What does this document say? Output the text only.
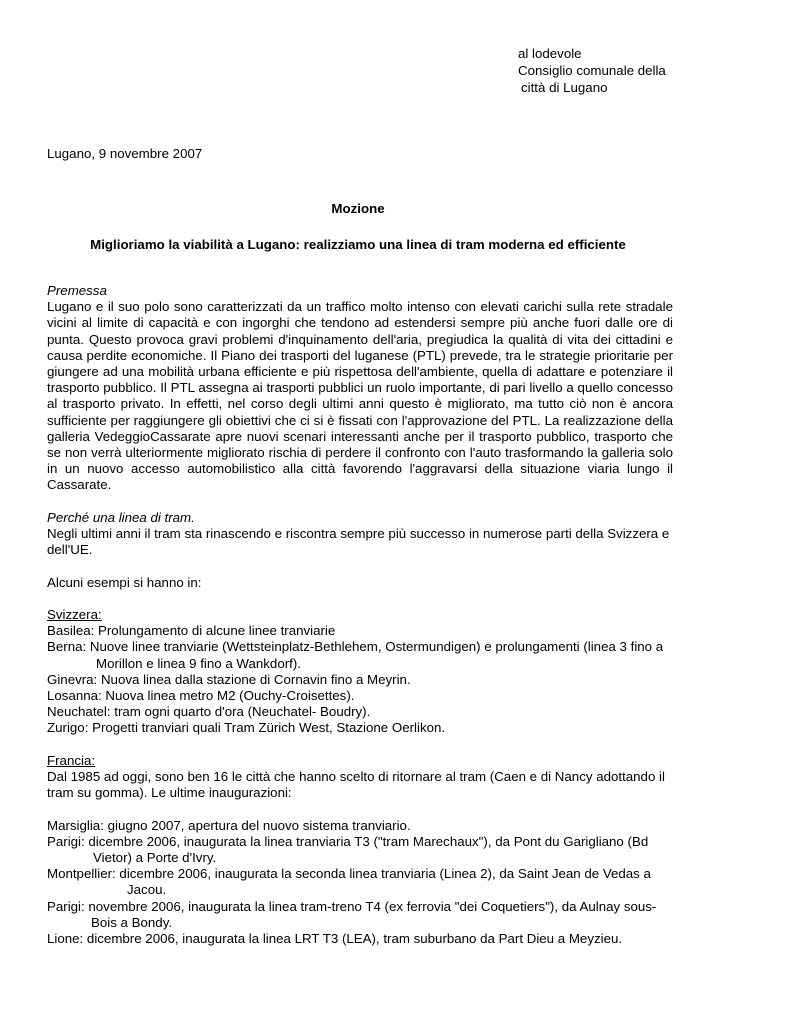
al lodevole
Consiglio comunale della
città di Lugano
Lugano, 9 novembre 2007
Mozione
Miglioriamo la viabilità a Lugano: realizziamo una linea di tram moderna ed efficiente
Premessa
Lugano e il suo polo sono caratterizzati da un traffico molto intenso con elevati carichi sulla rete stradale vicini al limite di capacità e con ingorghi che tendono ad estendersi sempre più anche fuori dalle ore di punta. Questo provoca gravi problemi d'inquinamento dell'aria, pregiudica la qualità di vita dei cittadini e causa perdite economiche. Il Piano dei trasporti del luganese (PTL) prevede, tra le strategie prioritarie per giungere ad una mobilità urbana efficiente e più rispettosa dell'ambiente, quella di adattare e potenziare il trasporto pubblico. Il PTL assegna ai trasporti pubblici un ruolo importante, di pari livello a quello concesso al trasporto privato. In effetti, nel corso degli ultimi anni questo è migliorato, ma tutto ciò non è ancora sufficiente per raggiungere gli obiettivi che ci si è fissati con l'approvazione del PTL. La realizzazione della galleria VedeggioCassarate apre nuovi scenari interessanti anche per il trasporto pubblico, trasporto che se non verrà ulteriormente migliorato rischia di perdere il confronto con l'auto trasformando la galleria solo in un nuovo accesso automobilistico alla città favorendo l'aggravarsi della situazione viaria lungo il Cassarate.
Perché una linea di tram.
Negli ultimi anni il tram sta rinascendo e riscontra sempre più successo in numerose parti della Svizzera e dell'UE.
Alcuni esempi si hanno in:
Svizzera:
Basilea: Prolungamento di alcune linee tranviarie
Berna: Nuove linee tranviarie (Wettsteinplatz-Bethlehem, Ostermundigen) e prolungamenti (linea 3 fino a Morillon e linea 9 fino a Wankdorf).
Ginevra: Nuova linea dalla stazione di Cornavin fino a Meyrin.
Losanna: Nuova linea metro M2 (Ouchy-Croisettes).
Neuchatel: tram ogni quarto d'ora (Neuchatel- Boudry).
Zurigo: Progetti tranviari quali Tram Zürich West, Stazione Oerlikon.
Francia:
Dal 1985 ad oggi, sono ben 16 le città che hanno scelto di ritornare al tram (Caen e di Nancy adottando il tram su gomma). Le ultime inaugurazioni:
Marsiglia: giugno 2007, apertura del nuovo sistema tranviario.
Parigi: dicembre 2006, inaugurata la linea tranviaria T3 ("tram Marechaux"), da Pont du Garigliano (Bd Vietor) a Porte d'Ivry.
Montpellier: dicembre 2006, inaugurata la seconda linea tranviaria (Linea 2), da Saint Jean de Vedas a Jacou.
Parigi: novembre 2006, inaugurata la linea tram-treno T4 (ex ferrovia "dei Coquetiers"), da Aulnay sous-Bois a Bondy.
Lione: dicembre 2006, inaugurata la linea LRT T3 (LEA), tram suburbano da Part Dieu a Meyzieu.
